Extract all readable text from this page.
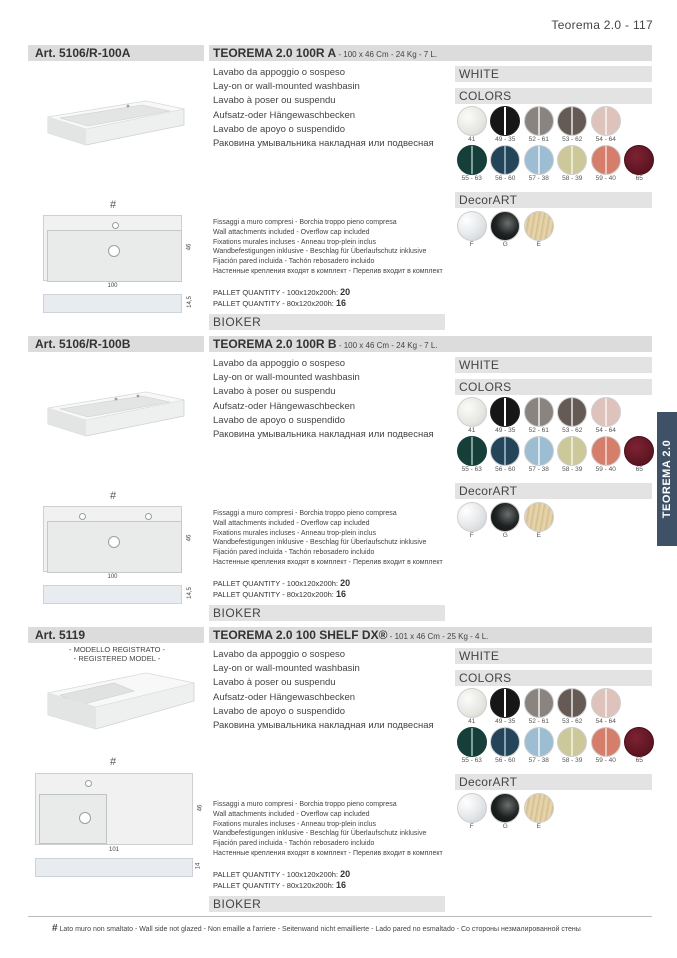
Teorema 2.0 - 117
TEOREMA 2.0
Art. 5106/R-100A	TEOREMA 2.0 100R A - 100 x 46 Cm - 24 Kg - 7 L.
Lavabo da appoggio o sospeso
Lay-on or wall-mounted washbasin
Lavabo à poser ou suspendu
Aufsatz-oder Hängewaschbecken
Lavabo de apoyo o suspendido
Раковина умывальника накладная или подвесная
WHITE
COLORS
41	49 - 35	52 - 61	53 - 62	54 - 64
55 - 63	56 - 60	57 - 38	58 - 39	59 - 40	65
DecorART
F	G	E
#
46
100
14,5
Fissaggi a muro compresi - Borchia troppo pieno compresa
Wall attachments included - Overflow cap included
Fixations murales incluses - Anneau trop-plein inclus
Wandbefestigungen inklusive - Beschlag für Überlaufschutz inklusive
Fijación pared incluida - Tachón rebosadero incluido
Настенные крепления входят в комплект - Перелив входит в комплект
PALLET QUANTITY - 100x120x200h: 20
PALLET QUANTITY - 80x120x200h: 16
BIOKER
Art. 5106/R-100B	TEOREMA 2.0 100R B - 100 x 46 Cm - 24 Kg - 7 L.
Lavabo da appoggio o sospeso
Lay-on or wall-mounted washbasin
Lavabo à poser ou suspendu
Aufsatz-oder Hängewaschbecken
Lavabo de apoyo o suspendido
Раковина умывальника накладная или подвесная
WHITE
COLORS
41	49 - 35	52 - 61	53 - 62	54 - 64
55 - 63	56 - 60	57 - 38	58 - 39	59 - 40	65
DecorART
F	G	E
#
46
100
14,5
Fissaggi a muro compresi - Borchia troppo pieno compresa
Wall attachments included - Overflow cap included
Fixations murales incluses - Anneau trop-plein inclus
Wandbefestigungen inklusive - Beschlag für Überlaufschutz inklusive
Fijación pared incluida - Tachón rebosadero incluido
Настенные крепления входят в комплект - Перелив входит в комплект
PALLET QUANTITY - 100x120x200h: 20
PALLET QUANTITY - 80x120x200h: 16
BIOKER
Art. 5119	TEOREMA 2.0 100 SHELF DX® - 101 x 46 Cm - 25 Kg - 4 L.
- MODELLO REGISTRATO -
- REGISTERED MODEL -	Lavabo da appoggio o sospeso
Lay-on or wall-mounted washbasin
Lavabo à poser ou suspendu
Aufsatz-oder Hängewaschbecken
Lavabo de apoyo o suspendido
Раковина умывальника накладная или подвесная
WHITE
COLORS
41	49 - 35	52 - 61	53 - 62	54 - 64
55 - 63	56 - 60	57 - 38	58 - 39	59 - 40	65
DecorART
F	G	E
#
46
101
14
Fissaggi a muro compresi - Borchia troppo pieno compresa
Wall attachments included - Overflow cap included
Fixations murales incluses - Anneau trop-plein inclus
Wandbefestigungen inklusive - Beschlag für Überlaufschutz inklusive
Fijación pared incluida - Tachón rebosadero incluido
Настенные крепления входят в комплект - Перелив входит в комплект
PALLET QUANTITY - 100x120x200h: 20
PALLET QUANTITY - 80x120x200h: 16
BIOKER
# Lato muro non smaltato - Wall side not glazed - Non emaille a l'arriere - Seitenwand nicht emaillierte - Lado pared no esmaltado - Со стороны незмалированной стены
